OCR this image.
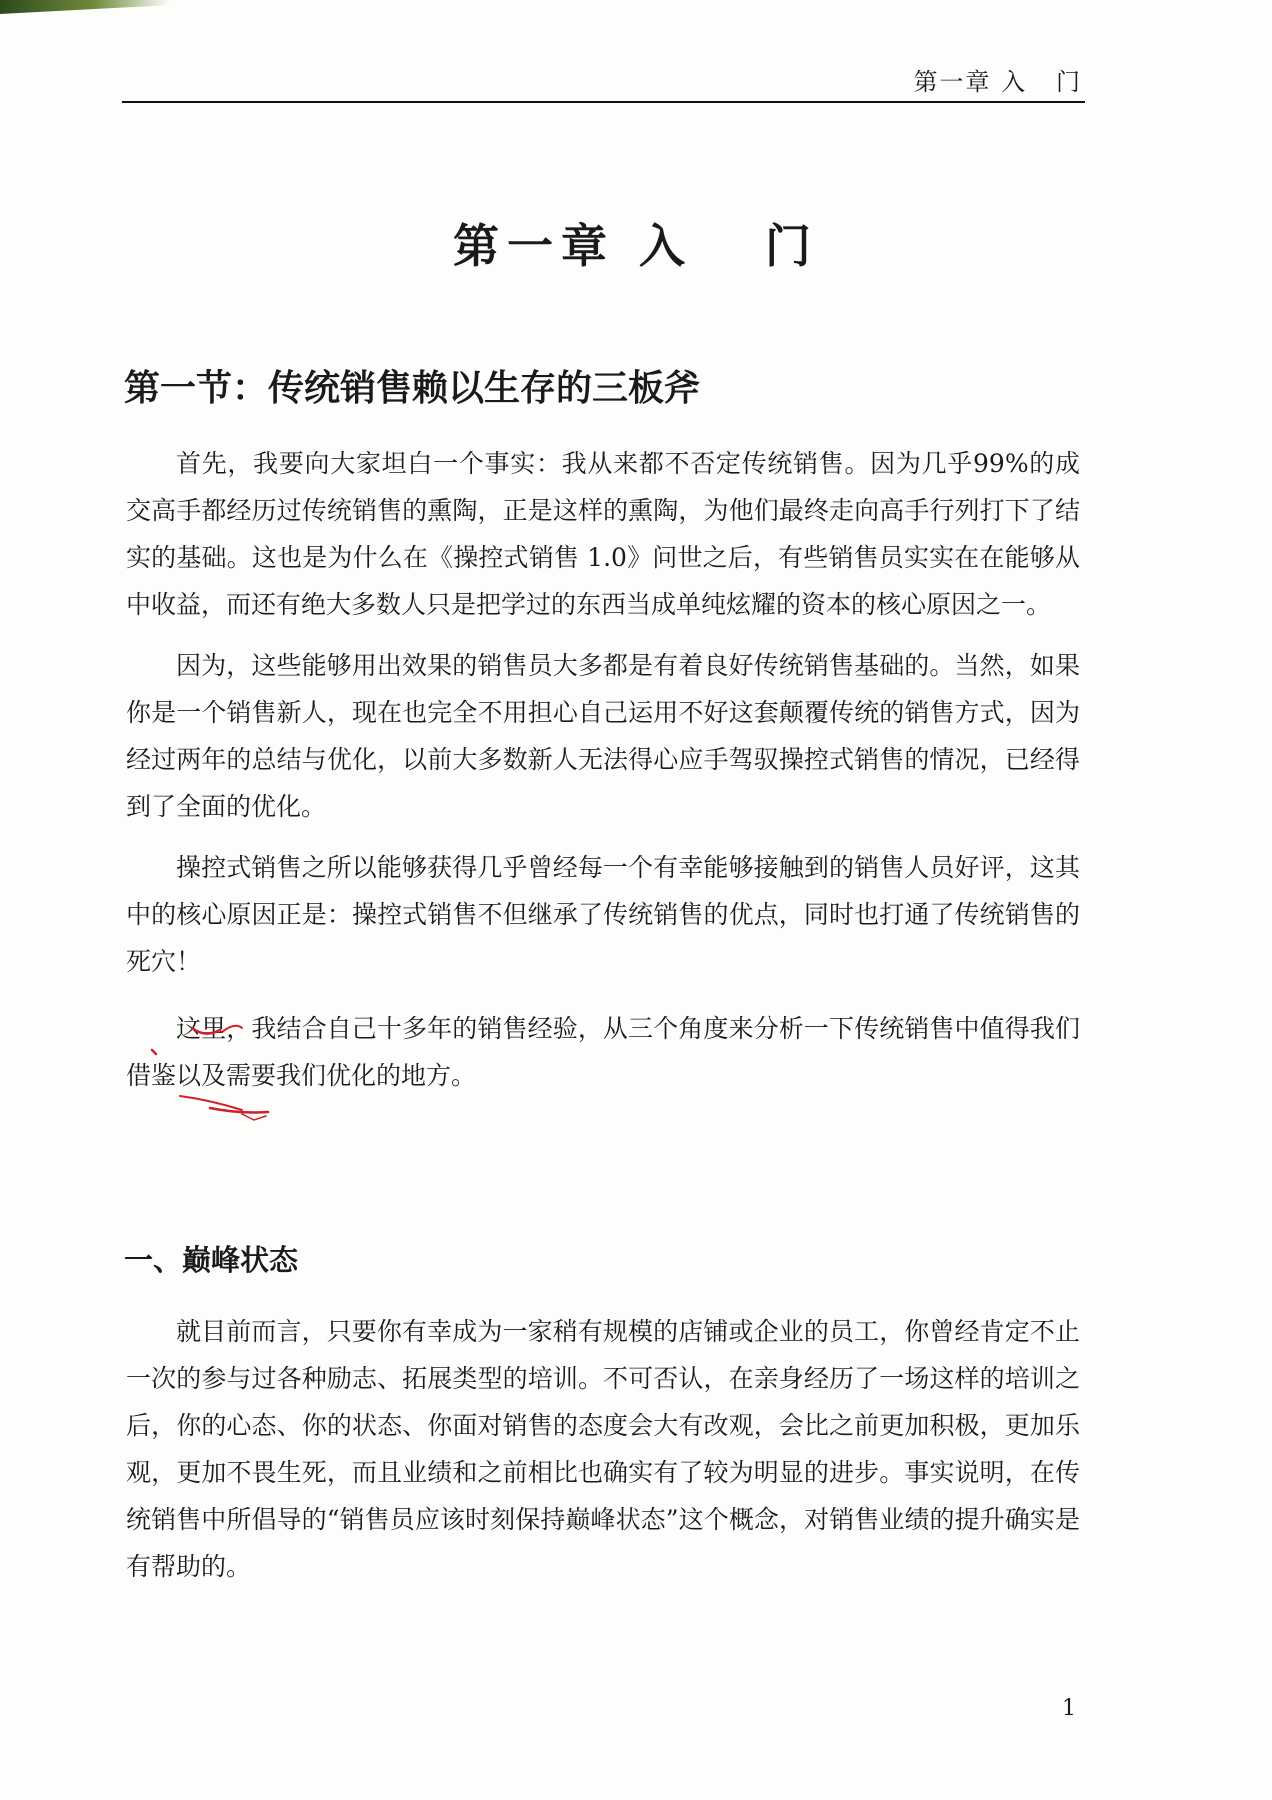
第一章 入   门
第一章 入   门
第一节：传统销售赖以生存的三板斧

首先，我要向大家坦白一个事实：我从来都不否定传统销售。因为几乎99%的成交高手都经历过传统销售的熏陶，正是这样的熏陶，为他们最终走向高手行列打下了结实的基础。这也是为什么在《操控式销售 1.0》问世之后，有些销售员实实在在能够从中收益，而还有绝大多数人只是把学过的东西当成单纯炫耀的资本的核心原因之一。

因为，这些能够用出效果的销售员大多都是有着良好传统销售基础的。当然，如果你是一个销售新人，现在也完全不用担心自己运用不好这套颠覆传统的销售方式，因为经过两年的总结与优化，以前大多数新人无法得心应手驾驭操控式销售的情况，已经得到了全面的优化。

操控式销售之所以能够获得几乎曾经每一个有幸能够接触到的销售人员好评，这其中的核心原因正是：操控式销售不但继承了传统销售的优点，同时也打通了传统销售的死穴！

这里，我结合自己十多年的销售经验，从三个角度来分析一下传统销售中值得我们借鉴以及需要我们优化的地方。

一、巅峰状态

就目前而言，只要你有幸成为一家稍有规模的店铺或企业的员工，你曾经肯定不止一次的参与过各种励志、拓展类型的培训。不可否认，在亲身经历了一场这样的培训之后，你的心态、你的状态、你面对销售的态度会大有改观，会比之前更加积极，更加乐观，更加不畏生死，而且业绩和之前相比也确实有了较为明显的进步。事实说明，在传统销售中所倡导的“销售员应该时刻保持巅峰状态”这个概念，对销售业绩的提升确实是有帮助的。

1
